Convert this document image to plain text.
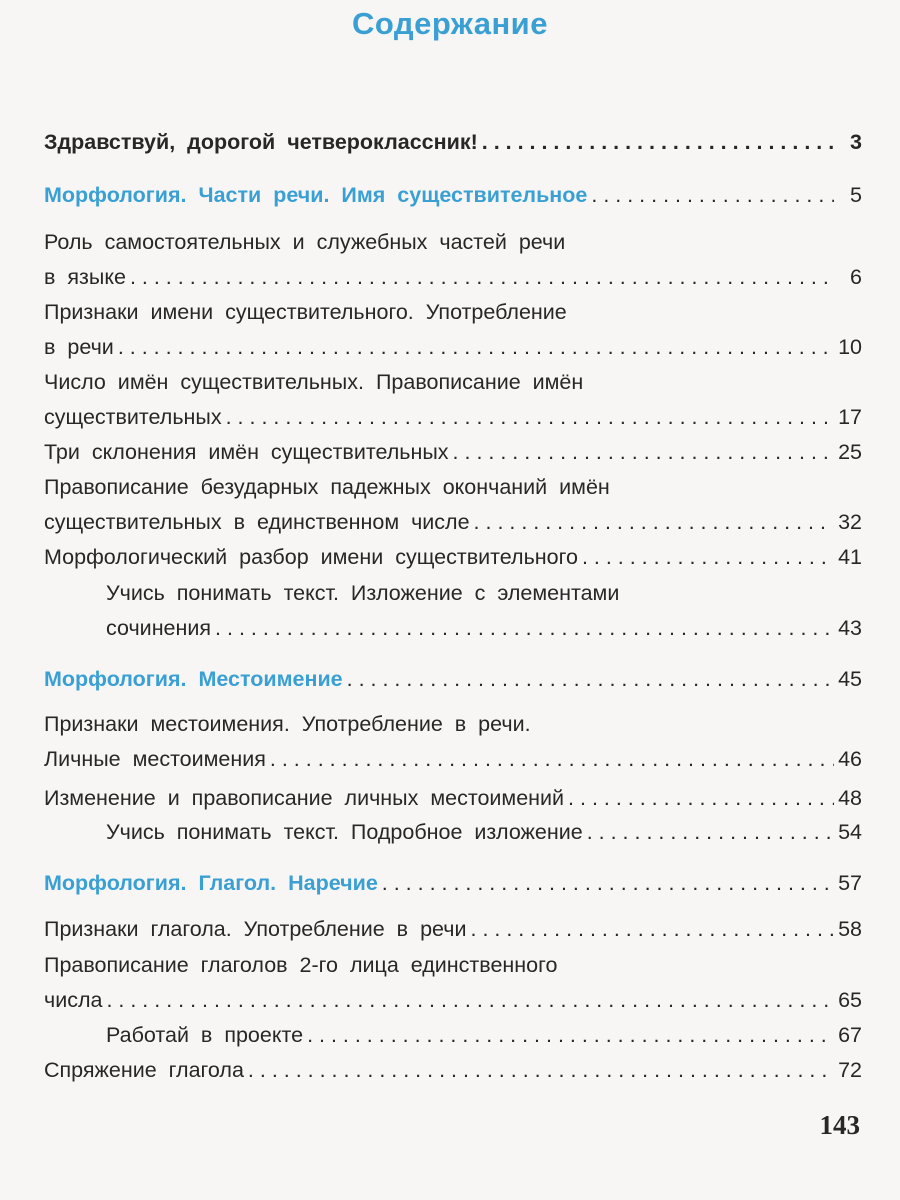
Содержание
Здравствуй, дорогой четвероклассник! . . .	3
Морфология. Части речи. Имя существительное . . .	5
Роль самостоятельных и служебных частей речи
в языке . . .	6
Признаки имени существительного. Употребление
в речи . . .	10
Число имён существительных. Правописание имён
существительных . . .	17
Три склонения имён существительных . . .	25
Правописание безударных падежных окончаний имён
существительных в единственном числе . . .	32
Морфологический разбор имени существительного . . .	41
Учись понимать текст. Изложение с элементами
сочинения . . .	43
Морфология. Местоимение . . .	45
Признаки местоимения. Употребление в речи.
Личные местоимения . . .	46
Изменение и правописание личных местоимений . . .	48
Учись понимать текст. Подробное изложение . . .	54
Морфология. Глагол. Наречие . . .	57
Признаки глагола. Употребление в речи . . .	58
Правописание глаголов 2-го лица единственного
числа . . .	65
Работай в проекте . . .	67
Спряжение глагола . . .	72
143
